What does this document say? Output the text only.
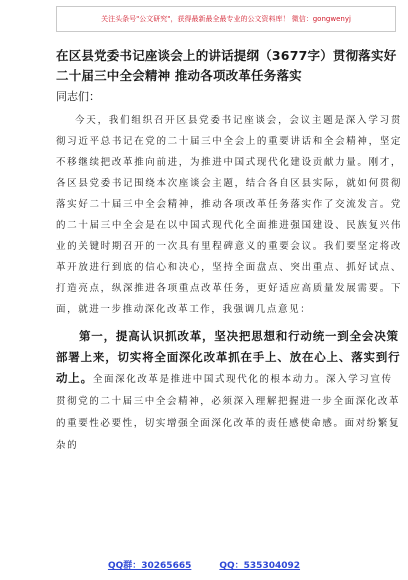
关注头条号"公文研究"，获得最新最全最专业的公文资料库！ 微信：gongwenyj
在区县党委书记座谈会上的讲话提纲（3677字）贯彻落实好二十届三中全会精神 推动各项改革任务落实

同志们：

今天，我们组织召开区县党委书记座谈会，会议主题是深入学习贯彻习近平总书记在党的二十届三中全会上的重要讲话和全会精神，坚定不移继续把改革推向前进，为推进中国式现代化建设贡献力量。刚才，各区县党委书记围绕本次座谈会主题，结合各自区县实际，就如何贯彻落实好二十届三中全会精神，推动各项改革任务落实作了交流发言。党的二十届三中全会是在以中国式现代化全面推进强国建设、民族复兴伟业的关键时期召开的一次具有里程碑意义的重要会议。我们要坚定将改革开放进行到底的信心和决心，坚持全面盘点、突出重点、抓好试点、打造亮点，纵深推进各项重点改革任务，更好适应高质量发展需要。下面，就进一步推动深化改革工作，我强调几点意见：

第一，提高认识抓改革，坚决把思想和行动统一到全会决策部署上来，切实将全面深化改革抓在手上、放在心上、落实到行动上。全面深化改革是推进中国式现代化的根本动力。深入学习宣传贯彻党的二十届三中全会精神，必须深入理解把握进一步全面深化改革的重要性必要性，切实增强全面深化改革的责任感使命感。面对纷繁复杂的

QQ群：30265665	QQ：535304092
